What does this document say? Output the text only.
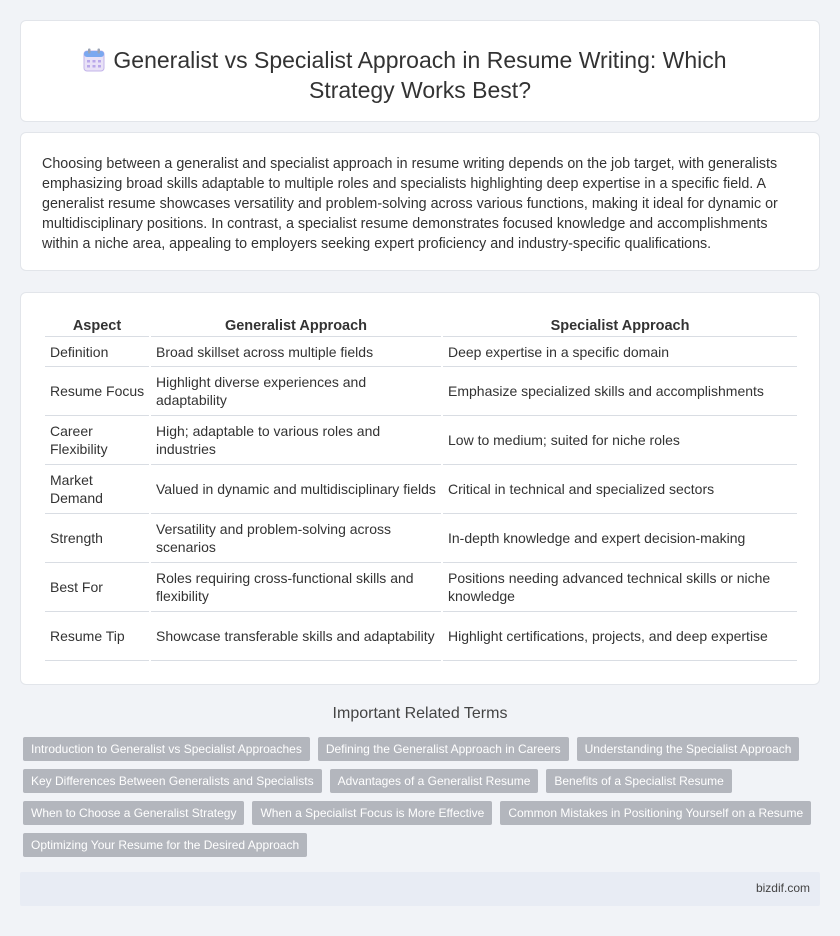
Generalist vs Specialist Approach in Resume Writing: Which Strategy Works Best?

Choosing between a generalist and specialist approach in resume writing depends on the job target, with generalists emphasizing broad skills adaptable to multiple roles and specialists highlighting deep expertise in a specific field. A generalist resume showcases versatility and problem-solving across various functions, making it ideal for dynamic or multidisciplinary positions. In contrast, a specialist resume demonstrates focused knowledge and accomplishments within a niche area, appealing to employers seeking expert proficiency and industry-specific qualifications.

Aspect	Generalist Approach	Specialist Approach
Definition	Broad skillset across multiple fields	Deep expertise in a specific domain
Resume Focus	Highlight diverse experiences and adaptability	Emphasize specialized skills and accomplishments
Career Flexibility	High; adaptable to various roles and industries	Low to medium; suited for niche roles
Market Demand	Valued in dynamic and multidisciplinary fields	Critical in technical and specialized sectors
Strength	Versatility and problem-solving across scenarios	In-depth knowledge and expert decision-making
Best For	Roles requiring cross-functional skills and flexibility	Positions needing advanced technical skills or niche knowledge
Resume Tip	Showcase transferable skills and adaptability	Highlight certifications, projects, and deep expertise
Important Related Terms
Introduction to Generalist vs Specialist Approaches	Defining the Generalist Approach in Careers	Understanding the Specialist Approach
Key Differences Between Generalists and Specialists	Advantages of a Generalist Resume	Benefits of a Specialist Resume
When to Choose a Generalist Strategy	When a Specialist Focus is More Effective	Common Mistakes in Positioning Yourself on a Resume
Optimizing Your Resume for the Desired Approach
bizdif.com
